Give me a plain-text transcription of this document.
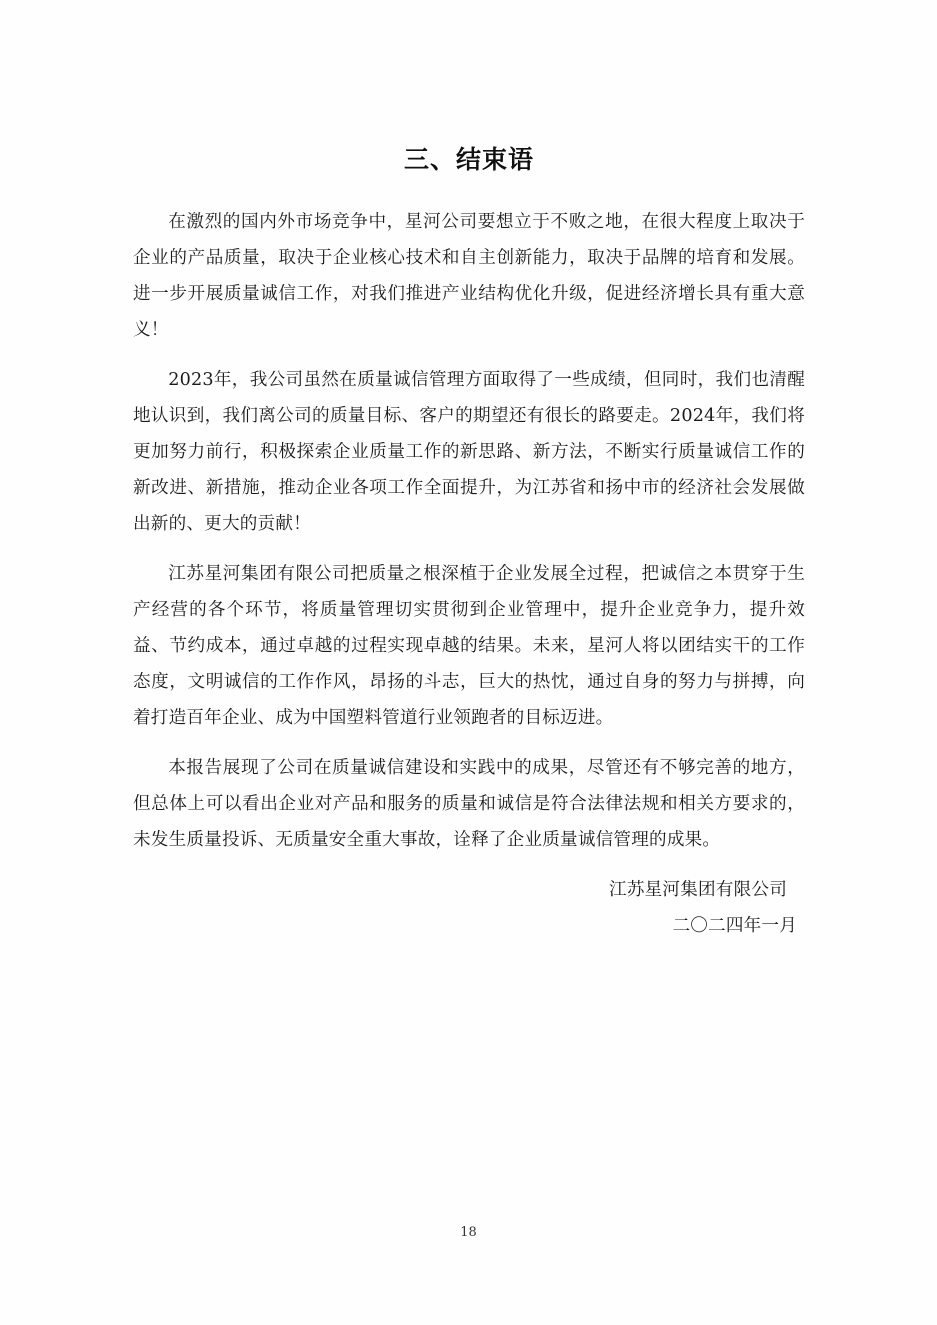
三、结束语

在激烈的国内外市场竞争中，星河公司要想立于不败之地，在很大程度上取决于企业的产品质量，取决于企业核心技术和自主创新能力，取决于品牌的培育和发展。进一步开展质量诚信工作，对我们推进产业结构优化升级，促进经济增长具有重大意义！

2023年，我公司虽然在质量诚信管理方面取得了一些成绩，但同时，我们也清醒地认识到，我们离公司的质量目标、客户的期望还有很长的路要走。2024年，我们将更加努力前行，积极探索企业质量工作的新思路、新方法，不断实行质量诚信工作的新改进、新措施，推动企业各项工作全面提升，为江苏省和扬中市的经济社会发展做出新的、更大的贡献！

江苏星河集团有限公司把质量之根深植于企业发展全过程，把诚信之本贯穿于生产经营的各个环节，将质量管理切实贯彻到企业管理中，提升企业竞争力，提升效益、节约成本，通过卓越的过程实现卓越的结果。未来，星河人将以团结实干的工作态度，文明诚信的工作作风，昂扬的斗志，巨大的热忱，通过自身的努力与拼搏，向着打造百年企业、成为中国塑料管道行业领跑者的目标迈进。

本报告展现了公司在质量诚信建设和实践中的成果，尽管还有不够完善的地方，但总体上可以看出企业对产品和服务的质量和诚信是符合法律法规和相关方要求的，未发生质量投诉、无质量安全重大事故，诠释了企业质量诚信管理的成果。

江苏星河集团有限公司
二〇二四年一月
18
